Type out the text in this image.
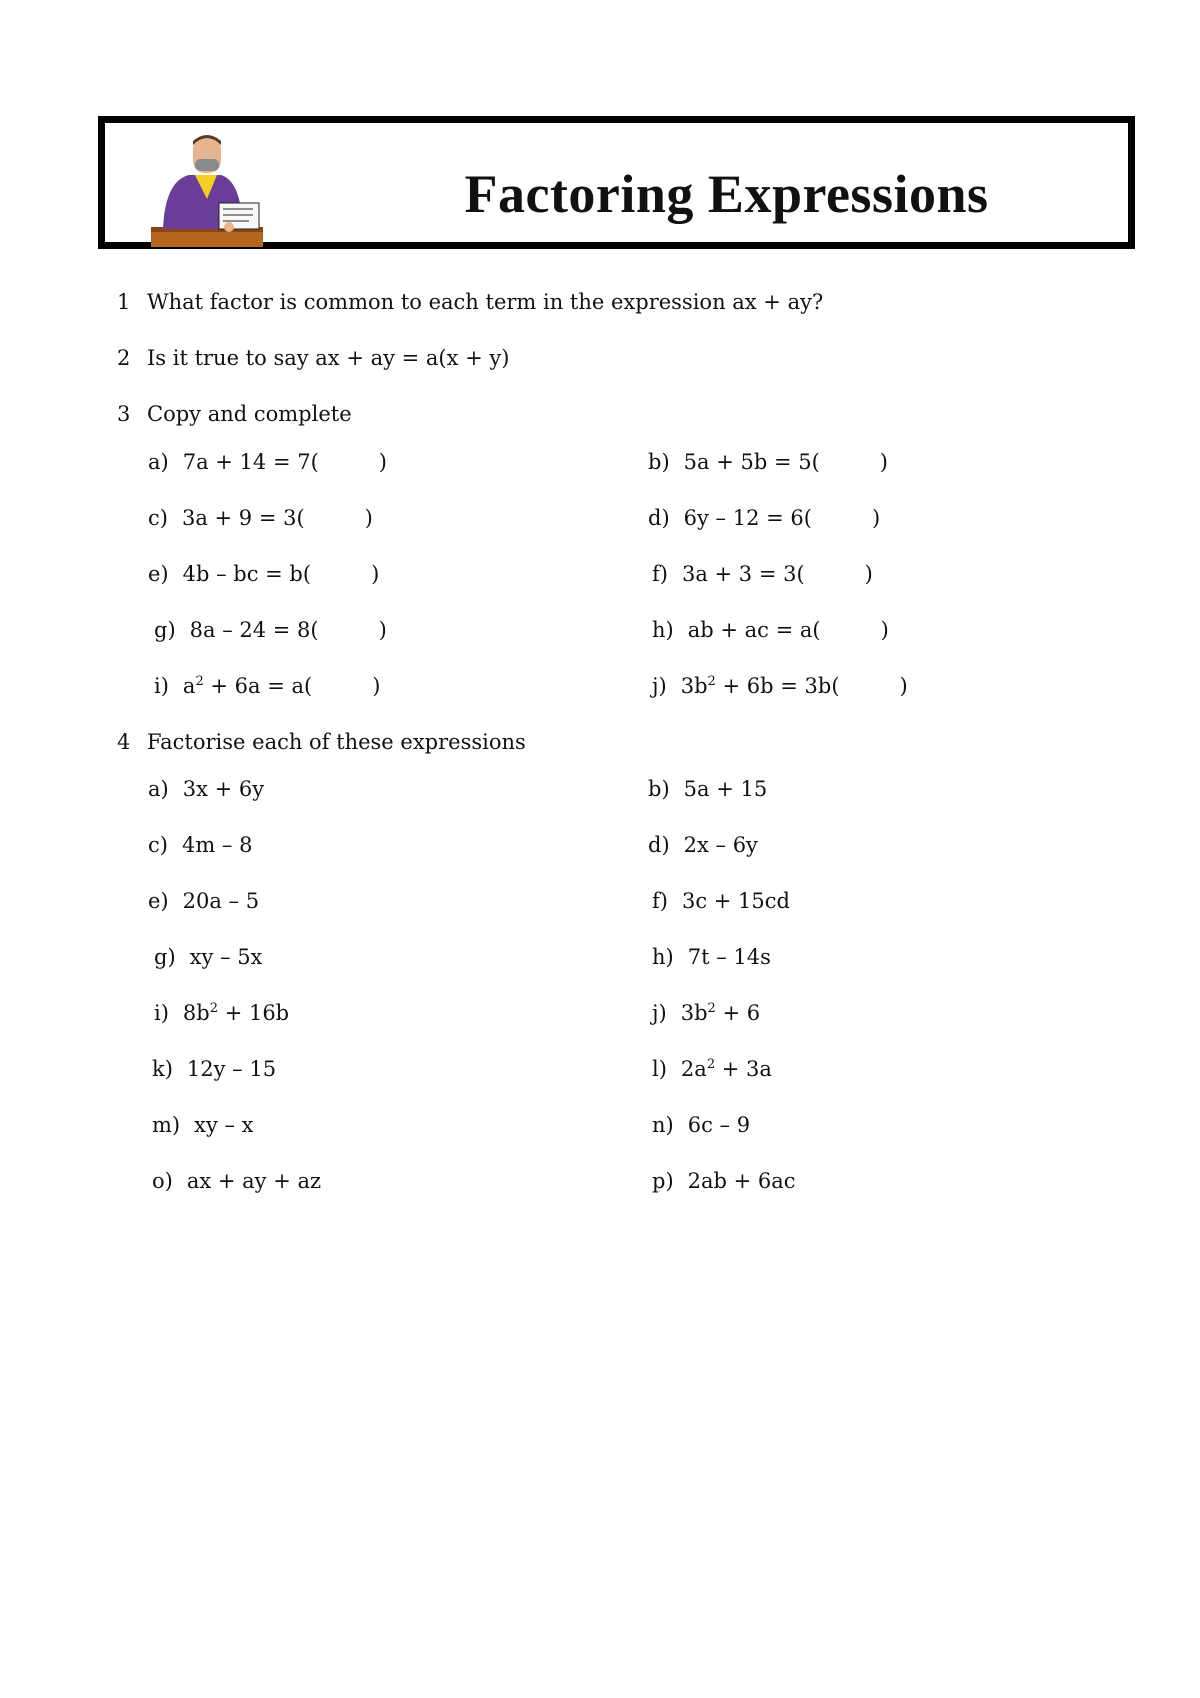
Factoring Expressions
1 What factor is common to each term in the expression ax + ay?
2 Is it true to say ax + ay = a(x + y)
3 Copy and complete
a) 7a + 14 = 7(	)	b) 5a + 5b = 5(	)
c) 3a + 9 = 3(	)	d) 6y – 12 = 6(	)
e) 4b – bc = b(	)	f) 3a + 3 = 3(	)
g) 8a – 24 = 8(	)	h) ab + ac = a(	)
i) $a^2 + 6a = a$(	)	j) $3b^2 + 6b = 3b$(	)
4 Factorise each of these expressions
a) 3x + 6y	b) 5a + 15
c) 4m – 8	d) 2x – 6y
e) 20a – 5	f) 3c + 15cd
g) xy – 5x	h) 7t – 14s
i) $8b^2 + 16b$	j) $3b^2 + 6$
k) 12y – 15	l) $2a^2 + 3a$
m) xy – x	n) 6c – 9
o) ax + ay + az	p) 2ab + 6ac
